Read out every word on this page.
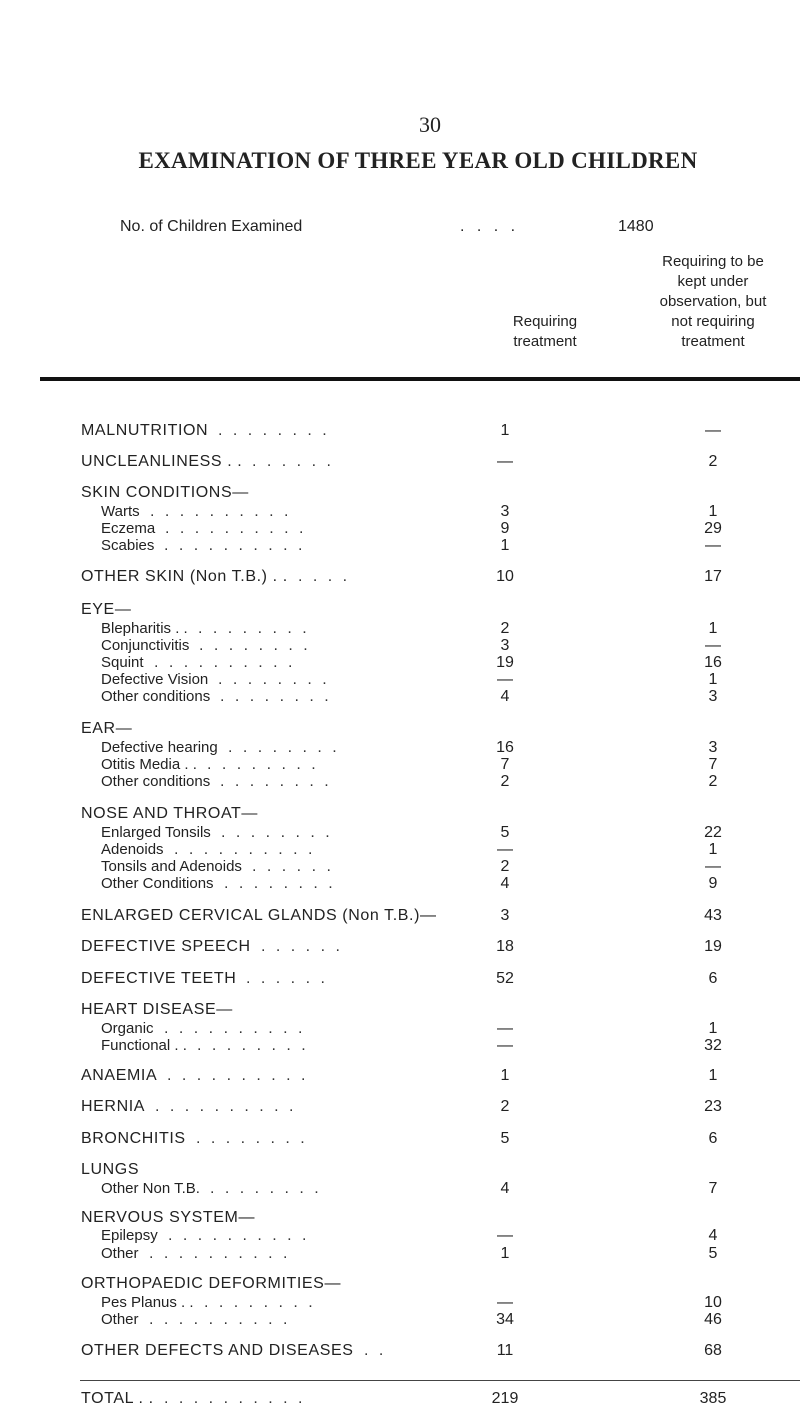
30
EXAMINATION OF THREE YEAR OLD CHILDREN
No. of Children Examined	. . . .	1480
Requiring
treatment
Requiring to be
kept under
observation, but
not requiring
treatment
MALNUTRITION . . . . . . . .	1	—
UNCLEANLINESS . . . . . . . .	—	2
SKIN CONDITIONS—
Warts . . . . . . . . . .	3	1
Eczema . . . . . . . . . .	9	29
Scabies . . . . . . . . . .	1	—
OTHER SKIN (Non T.B.) . . . . . .	10	17
EYE—
Blepharitis . . . . . . . . . .	2	1
Conjunctivitis . . . . . . . .	3	—
Squint . . . . . . . . . .	19	16
Defective Vision . . . . . . . .	—	1
Other conditions . . . . . . . .	4	3
EAR—
Defective hearing . . . . . . . .	16	3
Otitis Media . . . . . . . . . .	7	7
Other conditions . . . . . . . .	2	2
NOSE AND THROAT—
Enlarged Tonsils . . . . . . . .	5	22
Adenoids . . . . . . . . . .	—	1
Tonsils and Adenoids . . . . . .	2	—
Other Conditions . . . . . . . .	4	9
ENLARGED CERVICAL GLANDS (Non T.B.)—	3	43
DEFECTIVE SPEECH . . . . . .	18	19
DEFECTIVE TEETH . . . . . .	52	6
HEART DISEASE—
Organic . . . . . . . . . .	—	1
Functional . . . . . . . . . .	—	32
ANAEMIA . . . . . . . . . .	1	1
HERNIA . . . . . . . . . .	2	23
BRONCHITIS . . . . . . . .	5	6
LUNGS
Other Non T.B. . . . . . . . .	4	7
NERVOUS SYSTEM—
Epilepsy . . . . . . . . . .	—	4
Other . . . . . . . . . .	1	5
ORTHOPAEDIC DEFORMITIES—
Pes Planus . . . . . . . . . .	—	10
Other . . . . . . . . . .	34	46
OTHER DEFECTS AND DISEASES . .	11	68
TOTAL . . . . . . . . . . . .	219	385
